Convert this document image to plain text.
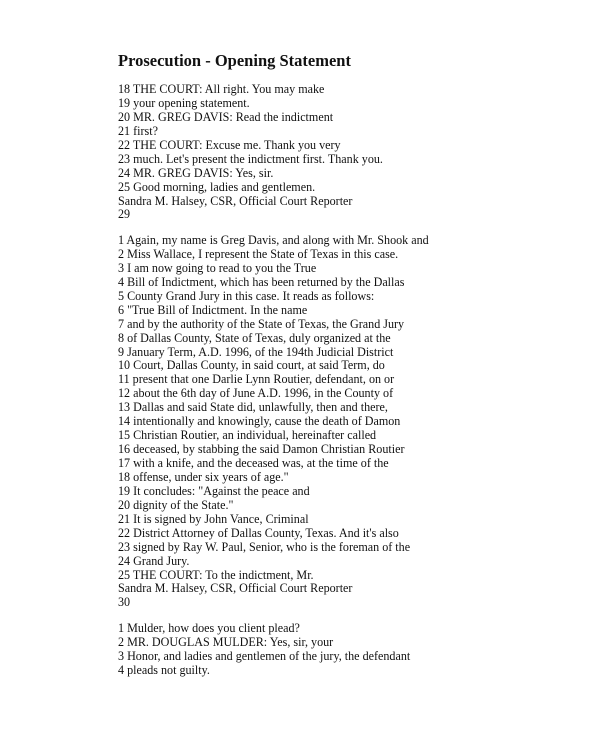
Prosecution - Opening Statement
18 THE COURT: All right. You may make
19 your opening statement.
20 MR. GREG DAVIS: Read the indictment
21 first?
22 THE COURT: Excuse me. Thank you very
23 much. Let's present the indictment first. Thank you.
24 MR. GREG DAVIS: Yes, sir.
25 Good morning, ladies and gentlemen.
Sandra M. Halsey, CSR, Official Court Reporter
29
1 Again, my name is Greg Davis, and along with Mr. Shook and
2 Miss Wallace, I represent the State of Texas in this case.
3 I am now going to read to you the True
4 Bill of Indictment, which has been returned by the Dallas
5 County Grand Jury in this case. It reads as follows:
6 "True Bill of Indictment. In the name
7 and by the authority of the State of Texas, the Grand Jury
8 of Dallas County, State of Texas, duly organized at the
9 January Term, A.D. 1996, of the 194th Judicial District
10 Court, Dallas County, in said court, at said Term, do
11 present that one Darlie Lynn Routier, defendant, on or
12 about the 6th day of June A.D. 1996, in the County of
13 Dallas and said State did, unlawfully, then and there,
14 intentionally and knowingly, cause the death of Damon
15 Christian Routier, an individual, hereinafter called
16 deceased, by stabbing the said Damon Christian Routier
17 with a knife, and the deceased was, at the time of the
18 offense, under six years of age."
19 It concludes: "Against the peace and
20 dignity of the State."
21 It is signed by John Vance, Criminal
22 District Attorney of Dallas County, Texas. And it's also
23 signed by Ray W. Paul, Senior, who is the foreman of the
24 Grand Jury.
25 THE COURT: To the indictment, Mr.
Sandra M. Halsey, CSR, Official Court Reporter
30
1 Mulder, how does you client plead?
2 MR. DOUGLAS MULDER: Yes, sir, your
3 Honor, and ladies and gentlemen of the jury, the defendant
4 pleads not guilty.
